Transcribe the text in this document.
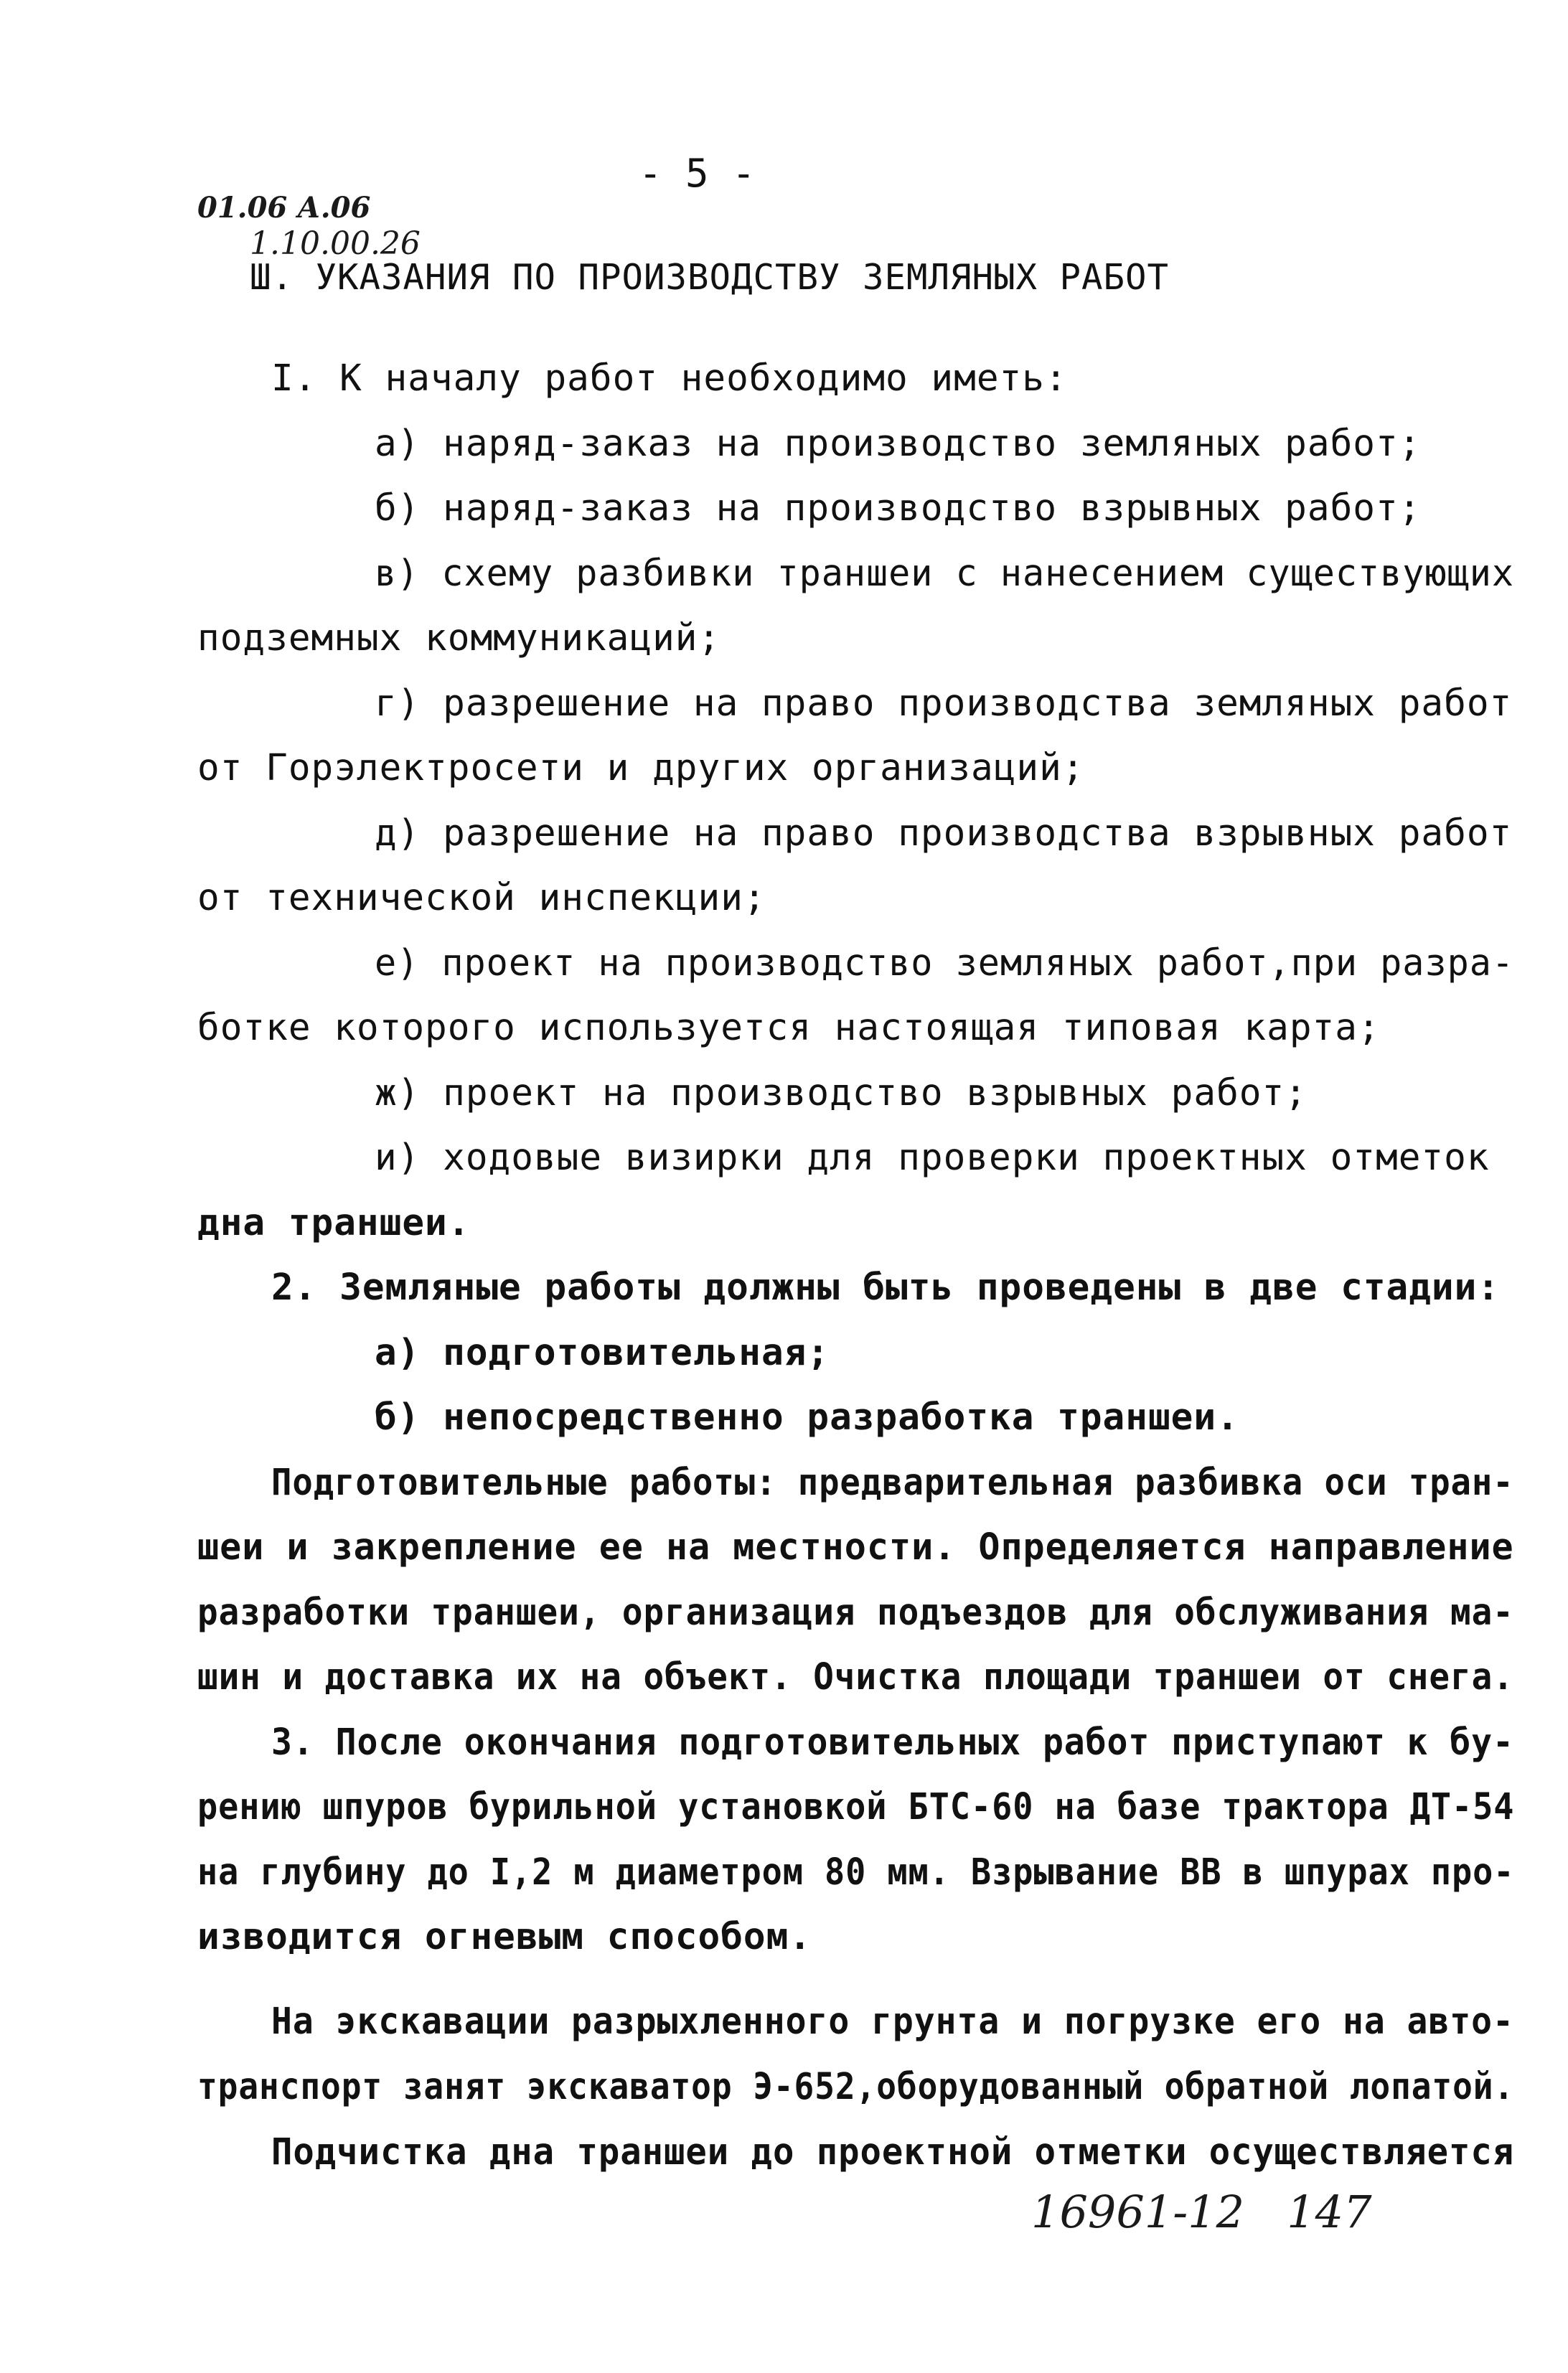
- 5 -
01.06 А.06
1.10.00.26
Ш. УКАЗАНИЯ ПО ПРОИЗВОДСТВУ ЗЕМЛЯНЫХ РАБОТ
I. К началу работ необходимо иметь:
а) наряд-заказ на производство земляных работ;
б) наряд-заказ на производство взрывных работ;
в) схему разбивки траншеи с нанесением существующих
подземных коммуникаций;
г) разрешение на право производства земляных работ
от Горэлектросети и других организаций;
д) разрешение на право производства взрывных работ
от технической инспекции;
е) проект на производство земляных работ,при разра-
ботке которого используется настоящая типовая карта;
ж) проект на производство взрывных работ;
и) ходовые визирки для проверки проектных отметок
дна траншеи.
2. Земляные работы должны быть проведены в две стадии:
а) подготовительная;
б) непосредственно разработка траншеи.
Подготовительные работы: предварительная разбивка оси тран-
шеи и закрепление ее на местности. Определяется направление
разработки траншеи, организация подъездов для обслуживания ма-
шин и доставка их на объект. Очистка площади траншеи от снега.
3. После окончания подготовительных работ приступают к бу-
рению шпуров бурильной установкой БТС-60 на базе трактора ДТ-54
на глубину до I,2 м диаметром 80 мм. Взрывание ВВ в шпурах про-
изводится огневым способом.
На экскавации разрыхленного грунта и погрузке его на авто-
транспорт занят экскаватор Э-652,оборудованный обратной лопатой.
Подчистка дна траншеи до проектной отметки осуществляется
16961-12   147
